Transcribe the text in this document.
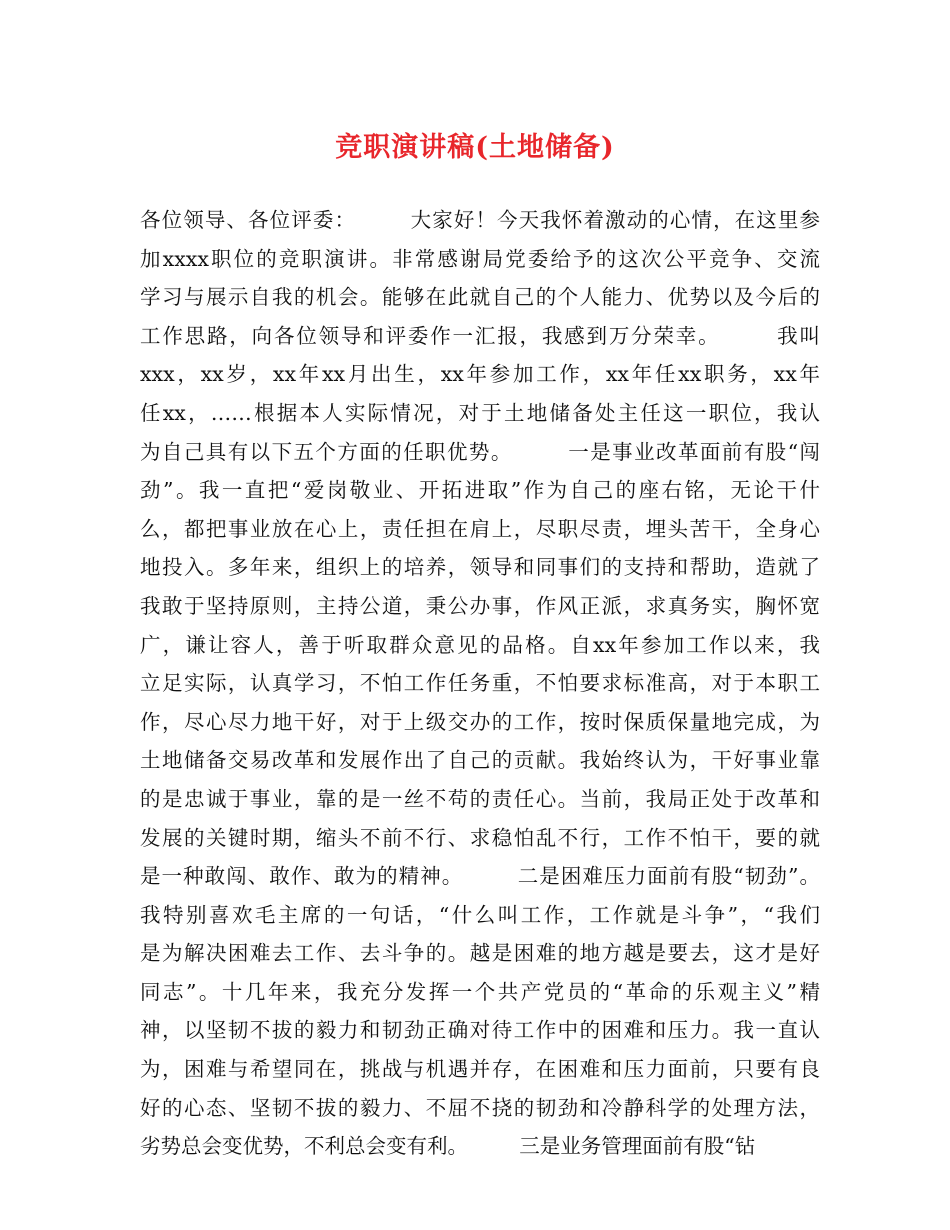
竞职演讲稿(土地储备)
各位领导、各位评委：　　　大家好！今天我怀着激动的心情，在这里参
加xxxx职位的竞职演讲。非常感谢局党委给予的这次公平竞争、交流
学习与展示自我的机会。能够在此就自己的个人能力、优势以及今后的
工作思路，向各位领导和评委作一汇报，我感到万分荣幸。　　　我叫
xxx，xx岁，xx年xx月出生，xx年参加工作，xx年任xx职务，xx年
任xx，……根据本人实际情况，对于土地储备处主任这一职位，我认
为自己具有以下五个方面的任职优势。　　　一是事业改革面前有股“闯
劲”。我一直把“爱岗敬业、开拓进取”作为自己的座右铭，无论干什
么，都把事业放在心上，责任担在肩上，尽职尽责，埋头苦干，全身心
地投入。多年来，组织上的培养，领导和同事们的支持和帮助，造就了
我敢于坚持原则，主持公道，秉公办事，作风正派，求真务实，胸怀宽
广，谦让容人，善于听取群众意见的品格。自xx年参加工作以来，我
立足实际，认真学习，不怕工作任务重，不怕要求标准高，对于本职工
作，尽心尽力地干好，对于上级交办的工作，按时保质保量地完成，为
土地储备交易改革和发展作出了自己的贡献。我始终认为，干好事业靠
的是忠诚于事业，靠的是一丝不苟的责任心。当前，我局正处于改革和
发展的关键时期，缩头不前不行、求稳怕乱不行，工作不怕干，要的就
是一种敢闯、敢作、敢为的精神。　　　二是困难压力面前有股“韧劲”。
我特别喜欢毛主席的一句话，“什么叫工作，工作就是斗争”，“我们
是为解决困难去工作、去斗争的。越是困难的地方越是要去，这才是好
同志”。十几年来，我充分发挥一个共产党员的“革命的乐观主义”精
神，以坚韧不拔的毅力和韧劲正确对待工作中的困难和压力。我一直认
为，困难与希望同在，挑战与机遇并存，在困难和压力面前，只要有良
好的心态、坚韧不拔的毅力、不屈不挠的韧劲和冷静科学的处理方法，
劣势总会变优势，不利总会变有利。　　　三是业务管理面前有股“钻
